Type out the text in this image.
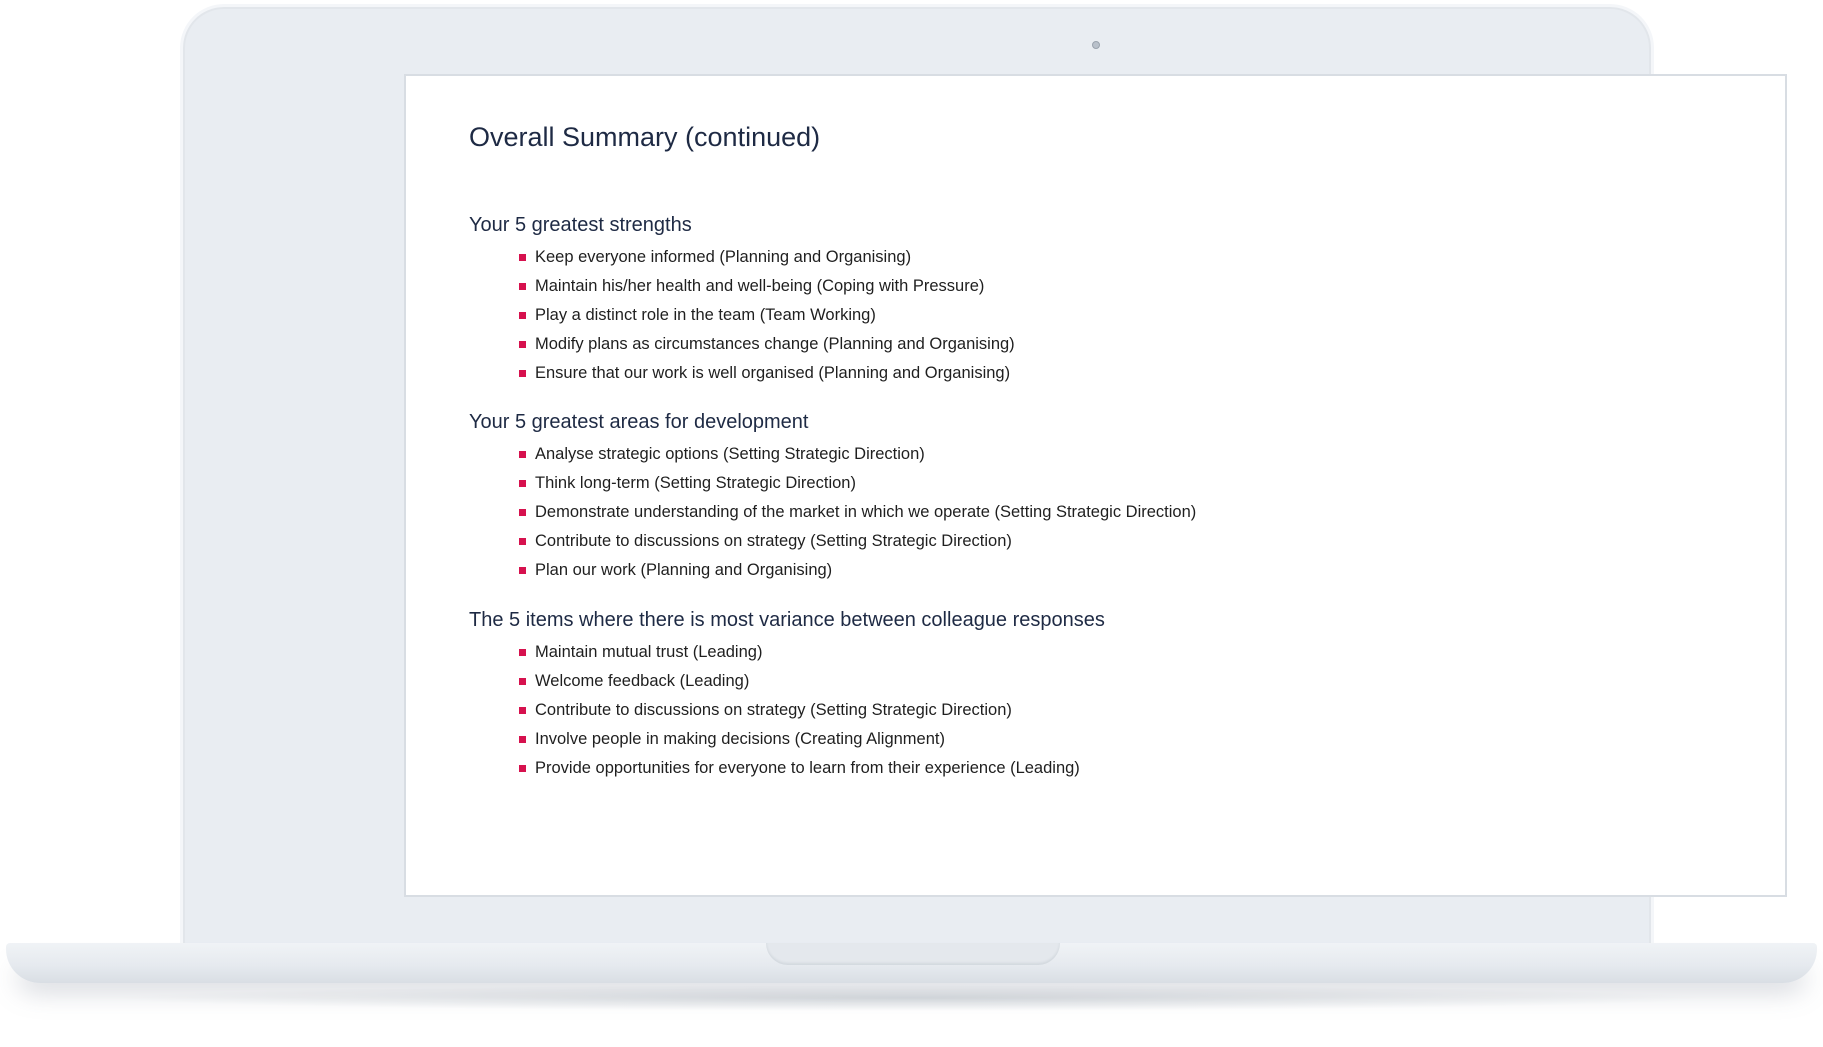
Overall Summary (continued)
Your 5 greatest strengths
Keep everyone informed (Planning and Organising)
Maintain his/her health and well-being (Coping with Pressure)
Play a distinct role in the team (Team Working)
Modify plans as circumstances change (Planning and Organising)
Ensure that our work is well organised (Planning and Organising)
Your 5 greatest areas for development
Analyse strategic options (Setting Strategic Direction)
Think long-term (Setting Strategic Direction)
Demonstrate understanding of the market in which we operate (Setting Strategic Direction)
Contribute to discussions on strategy (Setting Strategic Direction)
Plan our work (Planning and Organising)
The 5 items where there is most variance between colleague responses
Maintain mutual trust (Leading)
Welcome feedback (Leading)
Contribute to discussions on strategy (Setting Strategic Direction)
Involve people in making decisions (Creating Alignment)
Provide opportunities for everyone to learn from their experience (Leading)
